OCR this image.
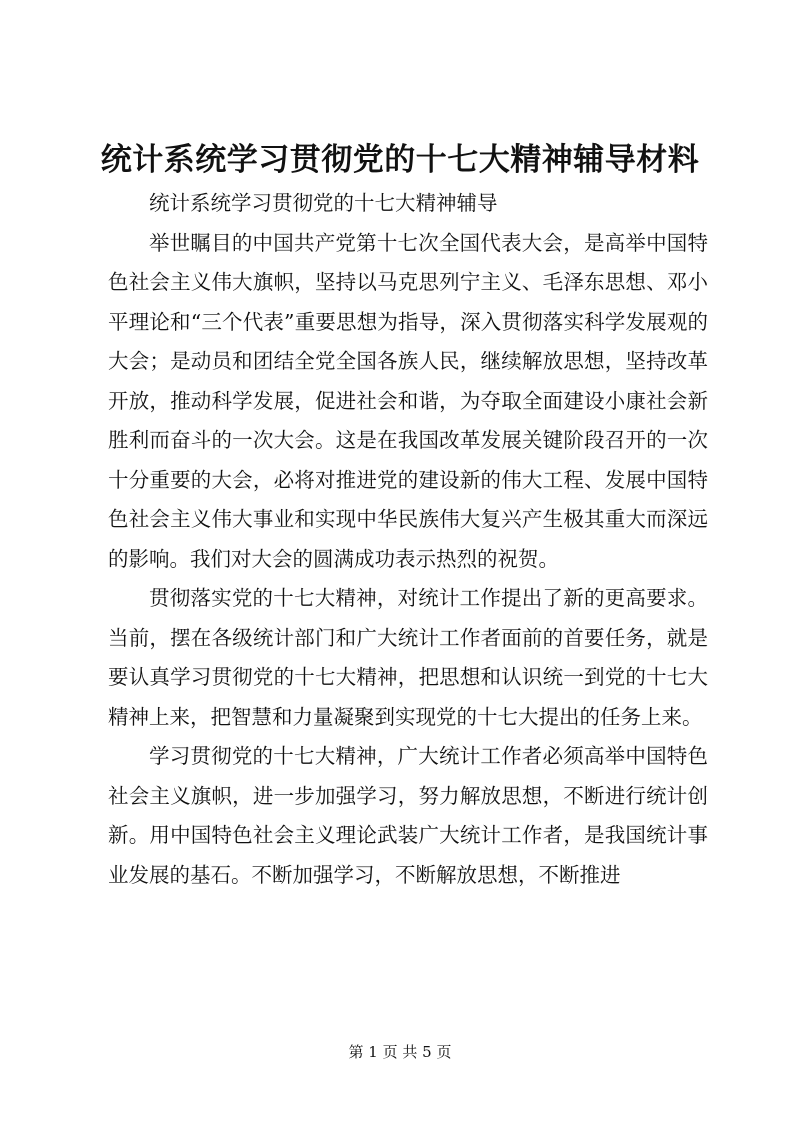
统计系统学习贯彻党的十七大精神辅导材料

统计系统学习贯彻党的十七大精神辅导

举世瞩目的中国共产党第十七次全国代表大会，是高举中国特色社会主义伟大旗帜，坚持以马克思列宁主义、毛泽东思想、邓小平理论和“三个代表”重要思想为指导，深入贯彻落实科学发展观的大会；是动员和团结全党全国各族人民，继续解放思想，坚持改革开放，推动科学发展，促进社会和谐，为夺取全面建设小康社会新胜利而奋斗的一次大会。这是在我国改革发展关键阶段召开的一次十分重要的大会，必将对推进党的建设新的伟大工程、发展中国特色社会主义伟大事业和实现中华民族伟大复兴产生极其重大而深远的影响。我们对大会的圆满成功表示热烈的祝贺。

贯彻落实党的十七大精神，对统计工作提出了新的更高要求。当前，摆在各级统计部门和广大统计工作者面前的首要任务，就是要认真学习贯彻党的十七大精神，把思想和认识统一到党的十七大精神上来，把智慧和力量凝聚到实现党的十七大提出的任务上来。

学习贯彻党的十七大精神，广大统计工作者必须高举中国特色社会主义旗帜，进一步加强学习，努力解放思想，不断进行统计创新。用中国特色社会主义理论武装广大统计工作者，是我国统计事业发展的基石。不断加强学习，不断解放思想，不断推进

第 1 页 共 5 页
